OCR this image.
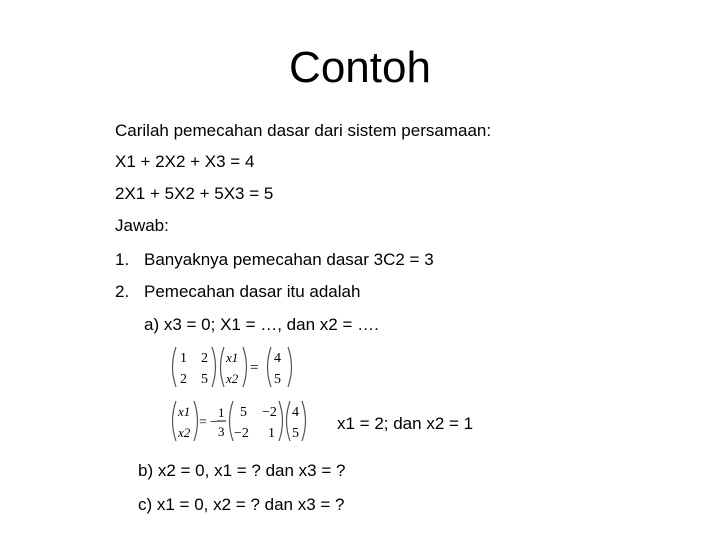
Contoh
Carilah pemecahan dasar dari sistem persamaan:
X1 + 2X2 + X3 = 4
2X1 + 5X2 + 5X3 = 5
Jawab:
1. Banyaknya pemecahan dasar 3C2 = 3
2. Pemecahan dasar itu adalah
a) x3 = 0; X1 = …, dan x2 = ….
1 2
2 5
x1
x2
=
4
5
x1
x2
= −
1
3
5 −2
−2 1
4
5
x1 = 2; dan x2 = 1
b) x2 = 0, x1 = ? dan x3 = ?
c) x1 = 0, x2 = ? dan x3 = ?
